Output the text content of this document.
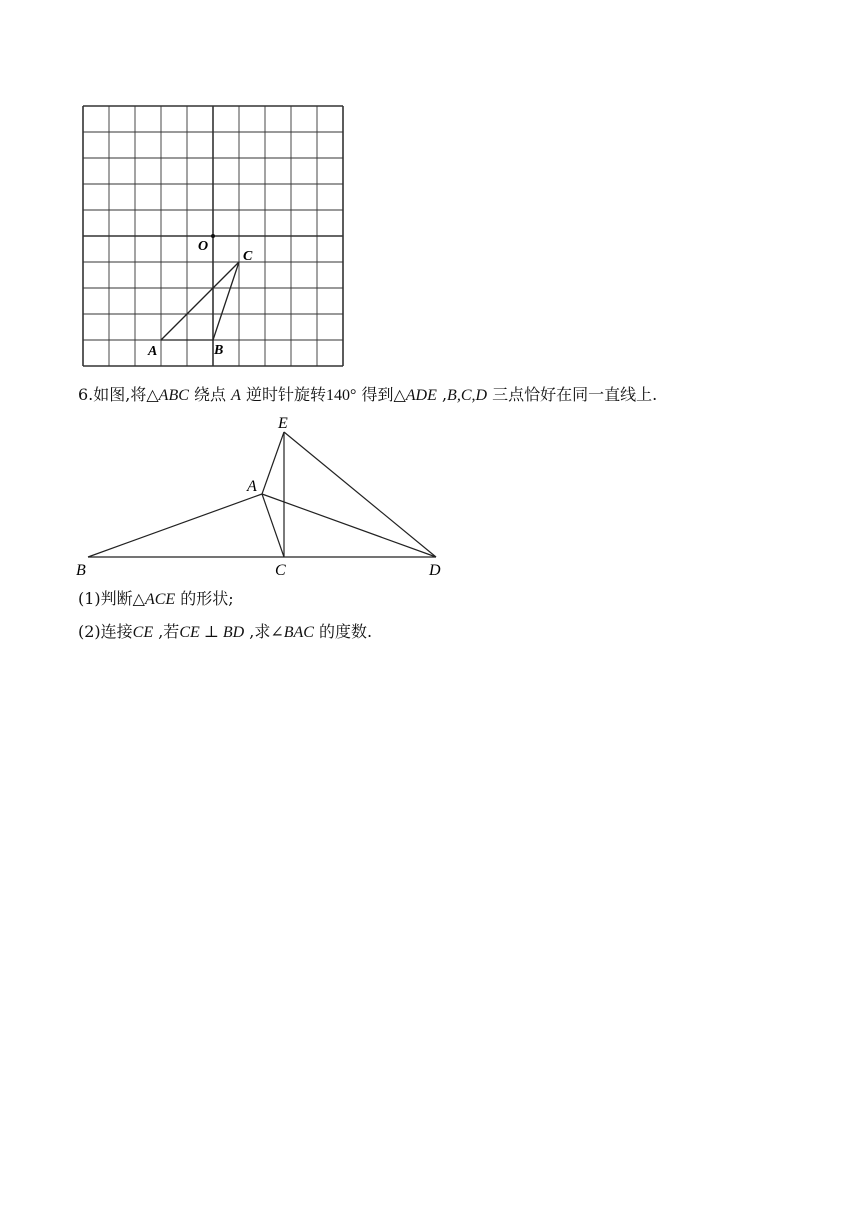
O
C
A	B
6.如图,将△ABC 绕点 A 逆时针旋转140° 得到△ADE ,B,C,D 三点恰好在同一直线上.
E
A
B	C	D
(1)判断△ACE 的形状;
(2)连接CE ,若CE ⊥ BD ,求∠BAC 的度数.
